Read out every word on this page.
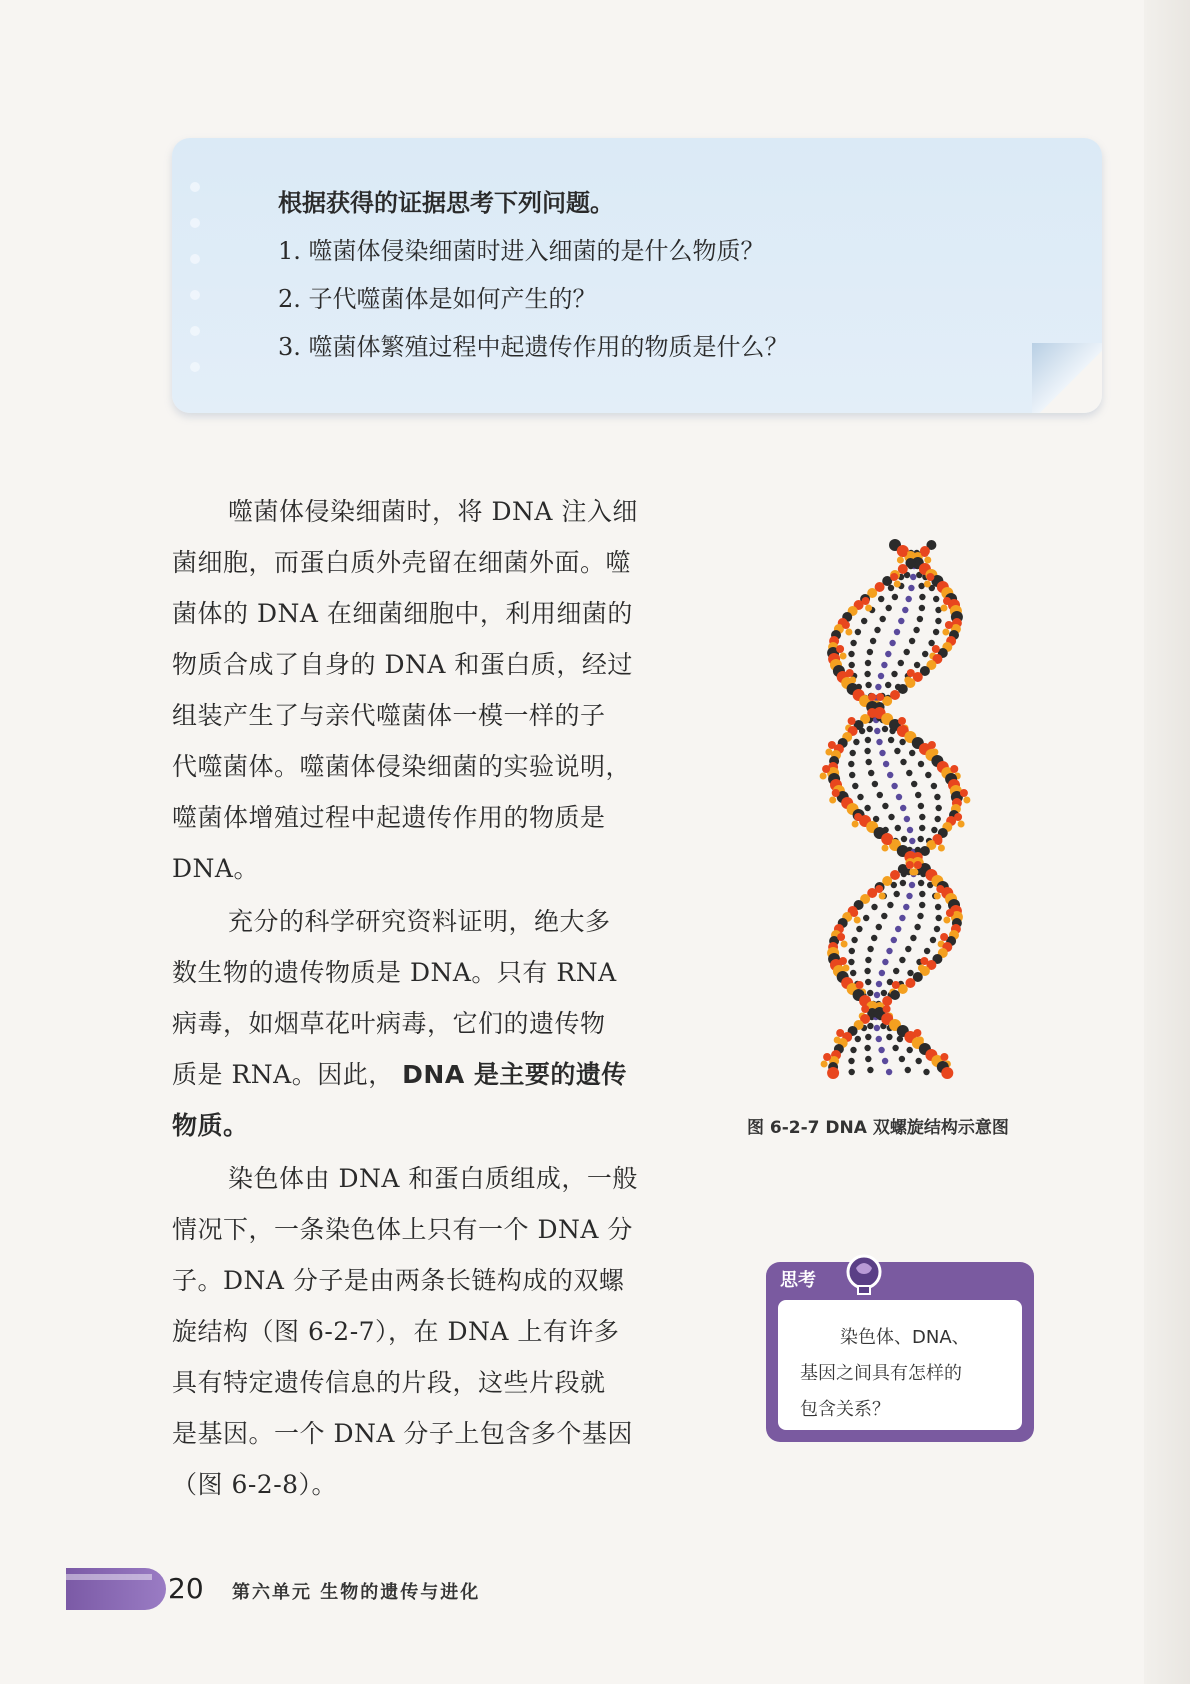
根据获得的证据思考下列问题。
1. 噬菌体侵染细菌时进入细菌的是什么物质？
2. 子代噬菌体是如何产生的？
3. 噬菌体繁殖过程中起遗传作用的物质是什么？
噬菌体侵染细菌时，将 DNA 注入细
菌细胞，而蛋白质外壳留在细菌外面。噬
菌体的 DNA 在细菌细胞中，利用细菌的
物质合成了自身的 DNA 和蛋白质，经过
组装产生了与亲代噬菌体一模一样的子
代噬菌体。噬菌体侵染细菌的实验说明，
噬菌体增殖过程中起遗传作用的物质是
DNA。
充分的科学研究资料证明，绝大多
数生物的遗传物质是 DNA。只有 RNA
病毒，如烟草花叶病毒，它们的遗传物
质是 RNA。因此， DNA 是主要的遗传
物质。
染色体由 DNA 和蛋白质组成，一般
情况下，一条染色体上只有一个 DNA 分
子。DNA 分子是由两条长链构成的双螺
旋结构（图 6-2-7），在 DNA 上有许多
具有特定遗传信息的片段，这些片段就
是基因。一个 DNA 分子上包含多个基因
（图 6-2-8）。
图 6-2-7 DNA 双螺旋结构示意图
思考
染色体、DNA、
基因之间具有怎样的
包含关系？
20 第六单元 生物的遗传与进化
